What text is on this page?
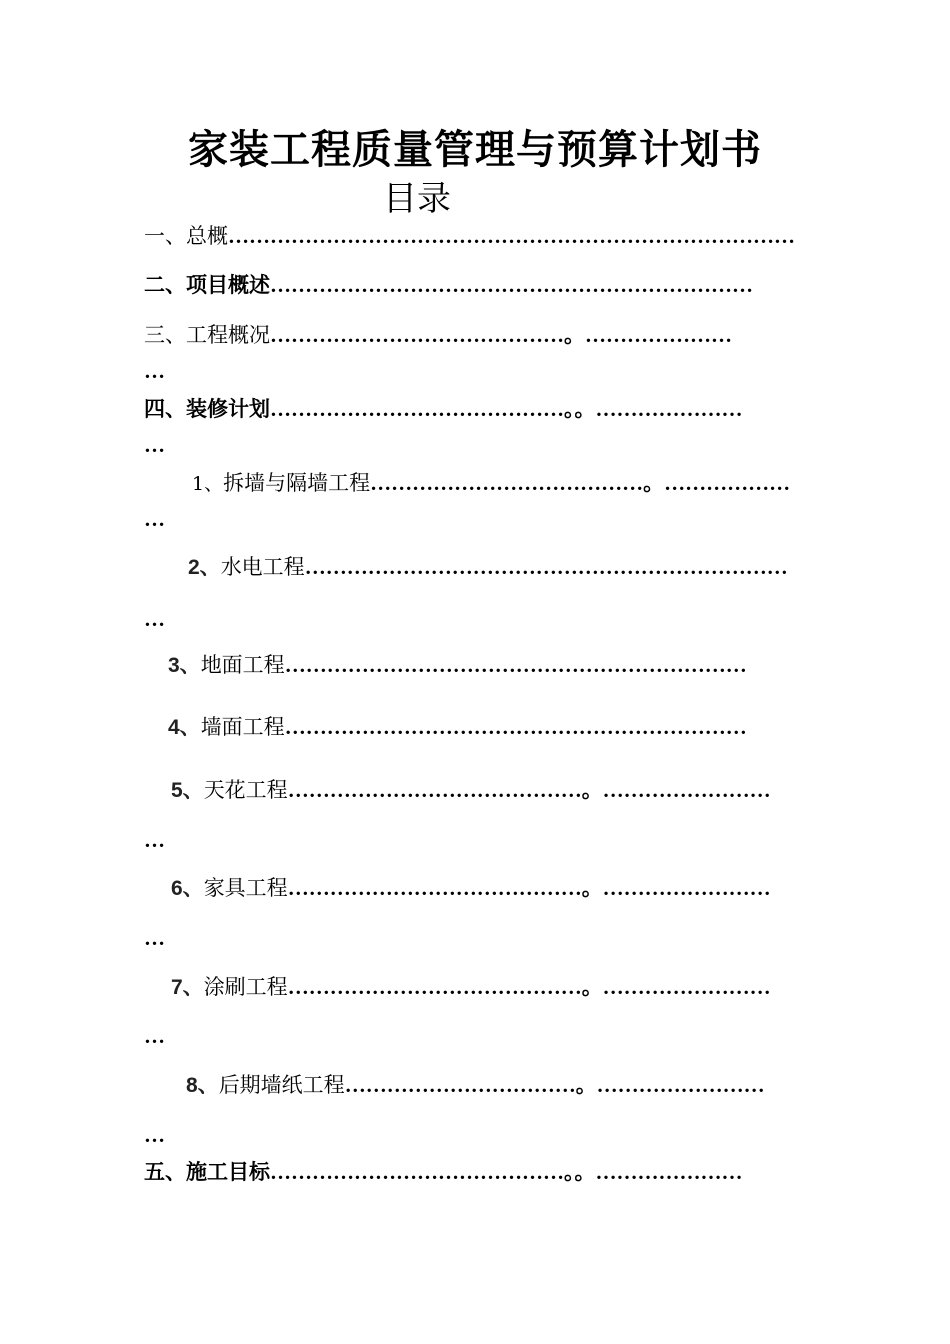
家装工程质量管理与预算计划书
目录
一、总概………………………………………………………………………
二、项目概述……………………………………………………………
三、工程概况……………………………………。…………………
…
四、装修计划……………………………………。。…………………
…
1、拆墙与隔墙工程…………………………………。………………
…
2、水电工程……………………………………………………………
…
3、地面工程…………………………………………………………
4、墙面工程…………………………………………………………
5、天花工程……………………………………。……………………
…
6、家具工程……………………………………。……………………
…
7、涂刷工程……………………………………。……………………
…
8、后期墙纸工程……………………………。……………………
…
五、施工目标……………………………………。。…………………
